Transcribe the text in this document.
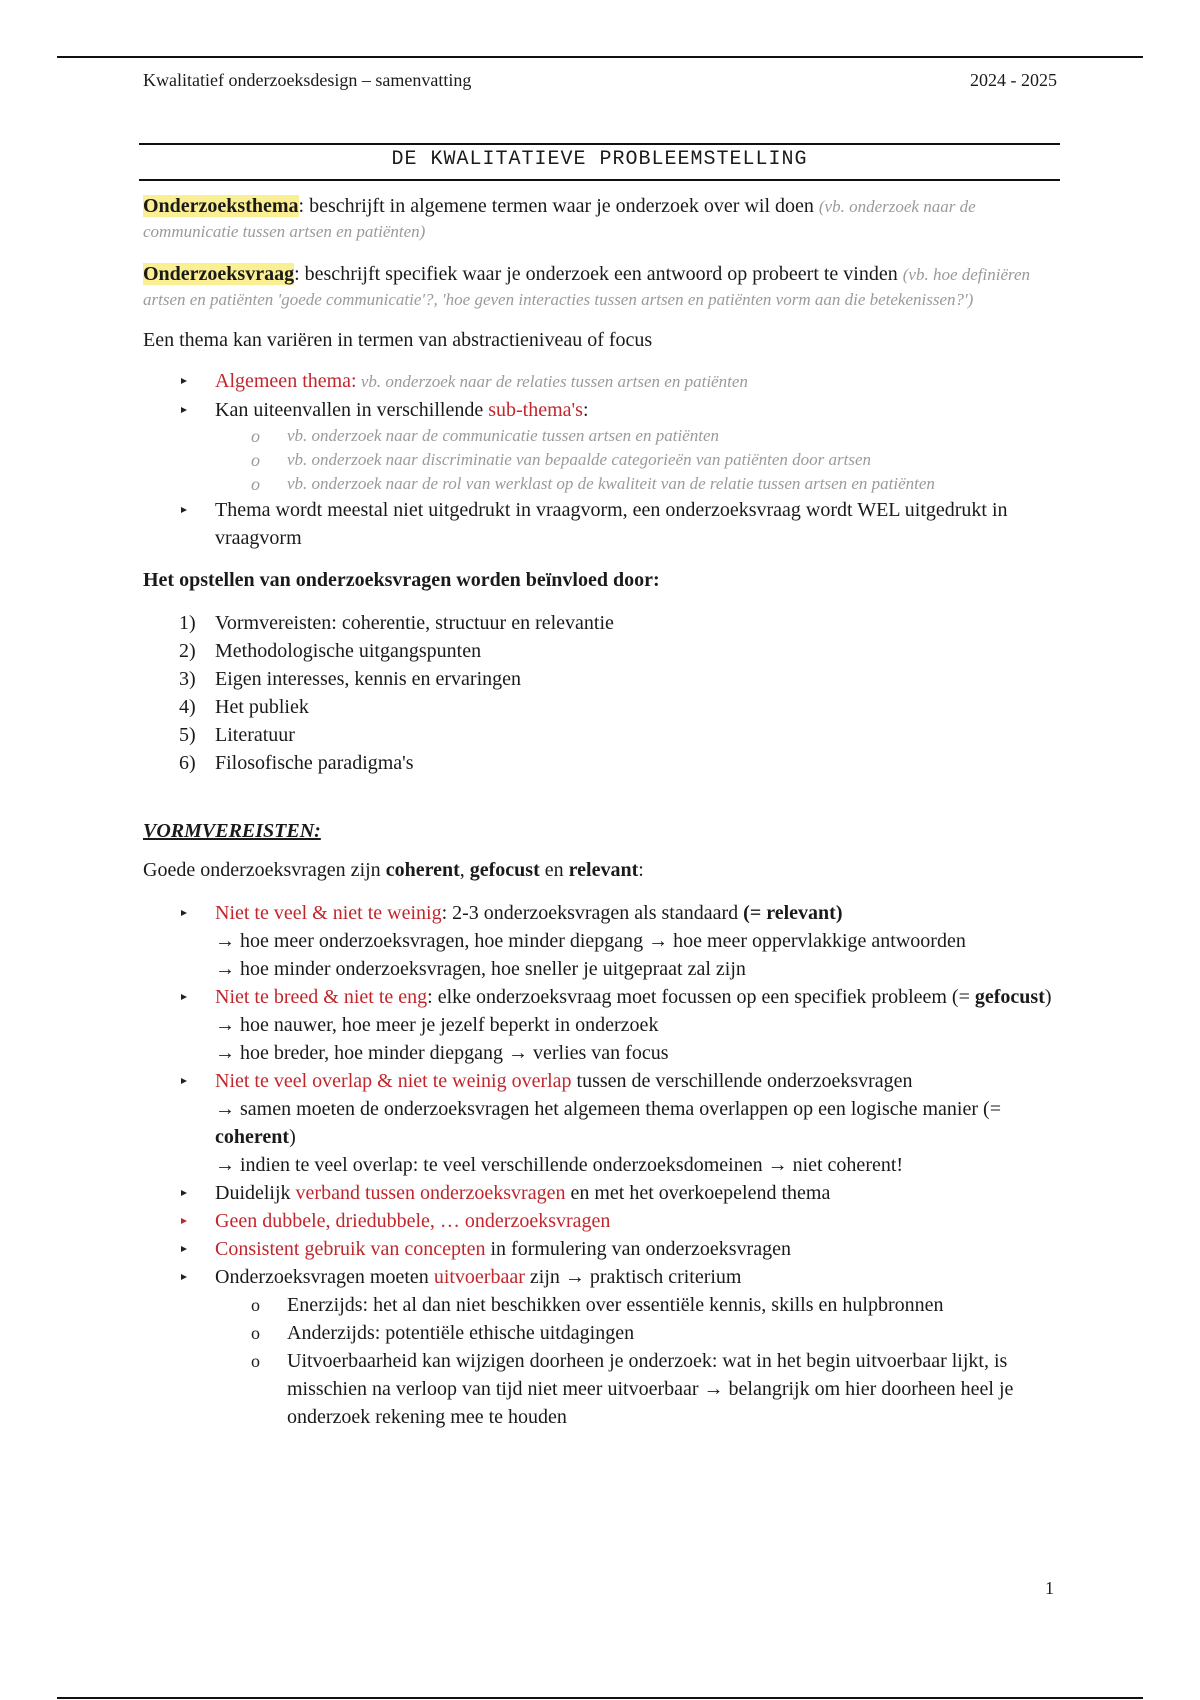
Kwalitatief onderzoeksdesign – samenvatting	2024 - 2025
DE KWALITATIEVE PROBLEEMSTELLING

Onderzoeksthema: beschrijft in algemene termen waar je onderzoek over wil doen (vb. onderzoek naar de communicatie tussen artsen en patiënten)

Onderzoeksvraag: beschrijft specifiek waar je onderzoek een antwoord op probeert te vinden (vb. hoe definiëren artsen en patiënten 'goede communicatie'?, 'hoe geven interacties tussen artsen en patiënten vorm aan die betekenissen?')

Een thema kan variëren in termen van abstractieniveau of focus

Algemeen thema: vb. onderzoek naar de relaties tussen artsen en patiënten
Kan uiteenvallen in verschillende sub-thema's:
o vb. onderzoek naar de communicatie tussen artsen en patiënten
o vb. onderzoek naar discriminatie van bepaalde categorieën van patiënten door artsen
o vb. onderzoek naar de rol van werklast op de kwaliteit van de relatie tussen artsen en patiënten
Thema wordt meestal niet uitgedrukt in vraagvorm, een onderzoeksvraag wordt WEL uitgedrukt in vraagvorm

Het opstellen van onderzoeksvragen worden beïnvloed door:

1) Vormvereisten: coherentie, structuur en relevantie
2) Methodologische uitgangspunten
3) Eigen interesses, kennis en ervaringen
4) Het publiek
5) Literatuur
6) Filosofische paradigma's

VORMVEREISTEN:

Goede onderzoeksvragen zijn coherent, gefocust en relevant:

Niet te veel & niet te weinig: 2-3 onderzoeksvragen als standaard (= relevant)
→ hoe meer onderzoeksvragen, hoe minder diepgang → hoe meer oppervlakkige antwoorden
→ hoe minder onderzoeksvragen, hoe sneller je uitgepraat zal zijn
Niet te breed & niet te eng: elke onderzoeksvraag moet focussen op een specifiek probleem (= gefocust)
→ hoe nauwer, hoe meer je jezelf beperkt in onderzoek
→ hoe breder, hoe minder diepgang → verlies van focus
Niet te veel overlap & niet te weinig overlap tussen de verschillende onderzoeksvragen
→ samen moeten de onderzoeksvragen het algemeen thema overlappen op een logische manier (= coherent)
→ indien te veel overlap: te veel verschillende onderzoeksdomeinen → niet coherent!
Duidelijk verband tussen onderzoeksvragen en met het overkoepelend thema
Geen dubbele, driedubbele, … onderzoeksvragen
Consistent gebruik van concepten in formulering van onderzoeksvragen
Onderzoeksvragen moeten uitvoerbaar zijn → praktisch criterium
o Enerzijds: het al dan niet beschikken over essentiële kennis, skills en hulpbronnen
o Anderzijds: potentiële ethische uitdagingen
o Uitvoerbaarheid kan wijzigen doorheen je onderzoek: wat in het begin uitvoerbaar lijkt, is misschien na verloop van tijd niet meer uitvoerbaar → belangrijk om hier doorheen heel je onderzoek rekening mee te houden
1
